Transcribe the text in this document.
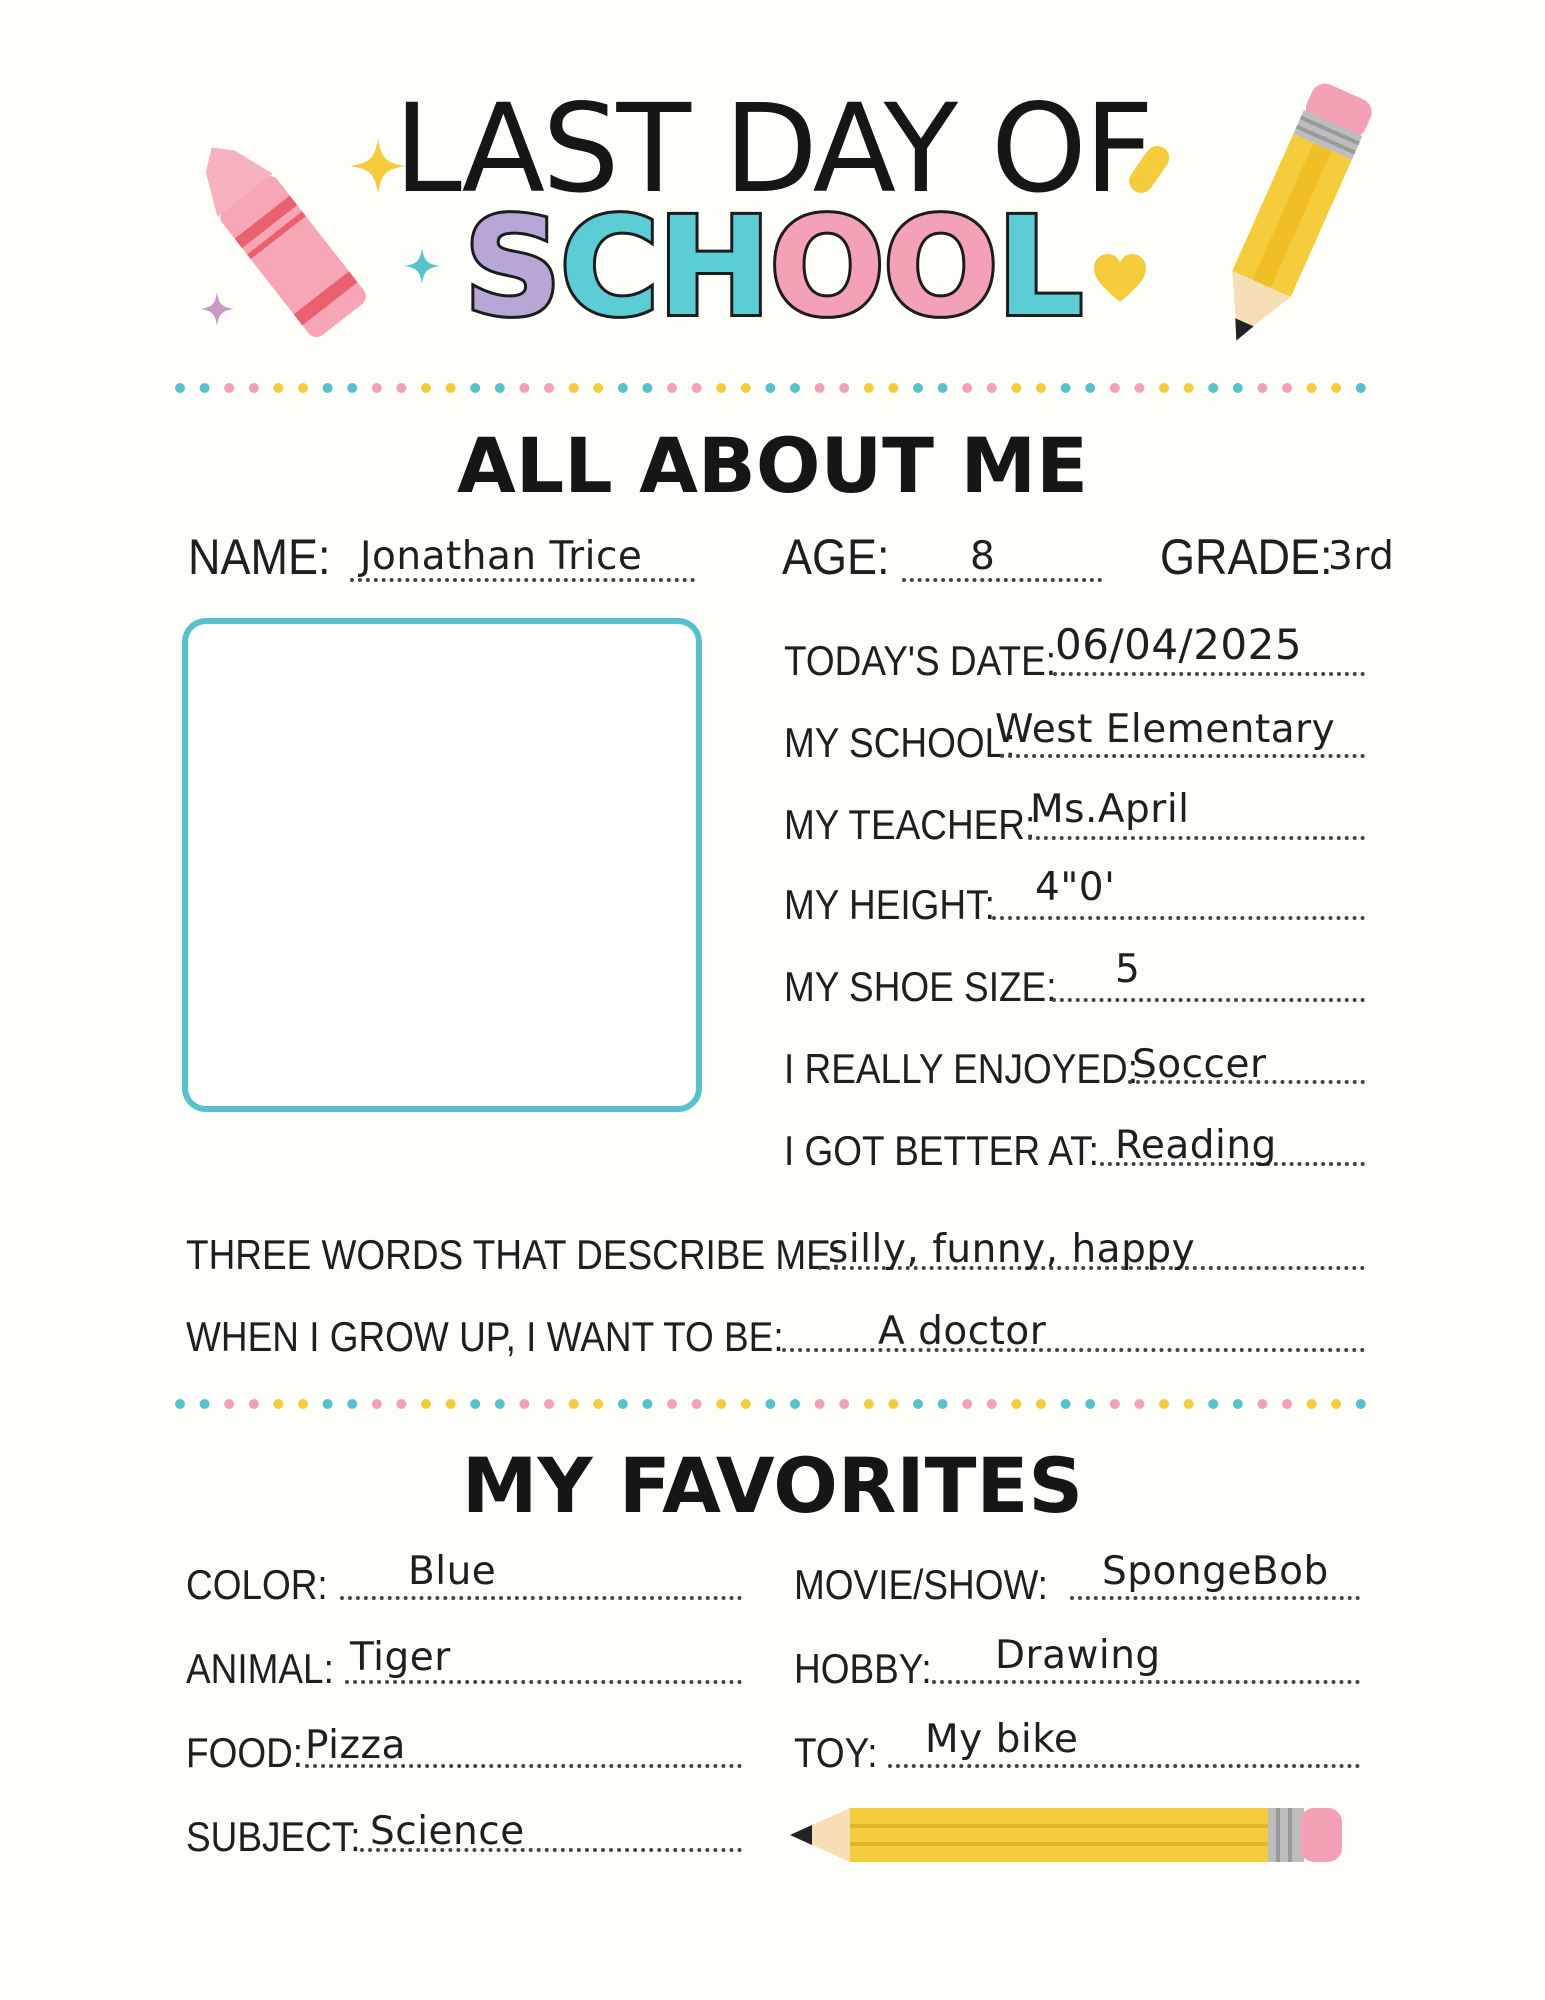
LAST DAY OF
SCHOOL
ALL ABOUT ME
NAME: Jonathan Trice	AGE: 8	GRADE:
3rd
TODAY'S DATE: 06/04/2025
MY SCHOOL:
West Elementary
MY TEACHER:
Ms.April
MY HEIGHT: 4"0'
MY SHOE SIZE: 5
I REALLY ENJOYED:
Soccer
I GOT BETTER AT: Reading
THREE WORDS THAT DESCRIBE ME:
silly, funny, happy
WHEN I GROW UP, I WANT TO BE: A doctor
MY FAVORITES
COLOR: Blue
ANIMAL: Tiger
FOOD: Pizza
SUBJECT: Science
MOVIE/SHOW: SpongeBob
HOBBY: Drawing
TOY: My bike
